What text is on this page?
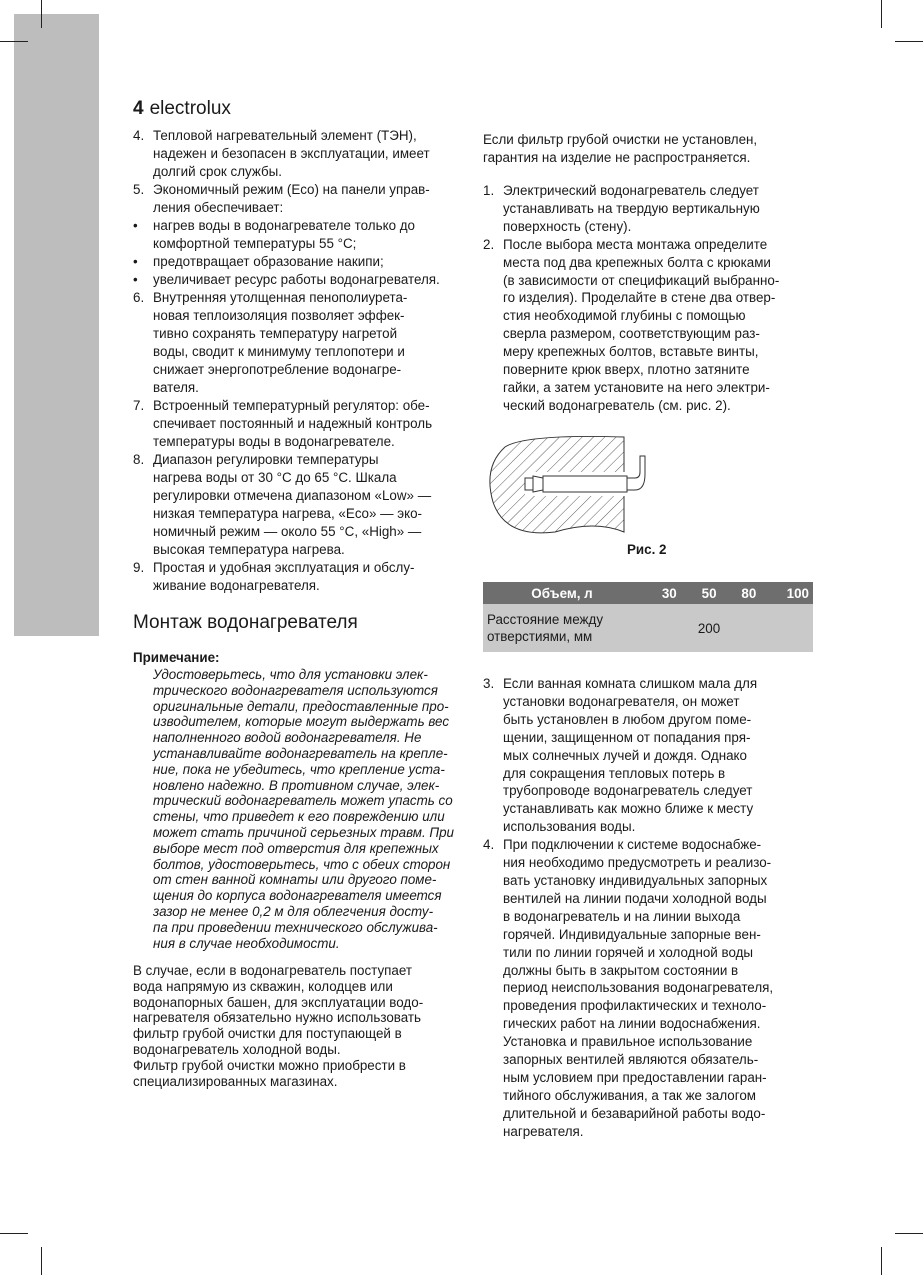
4 electrolux
4. Тепловой нагревательный элемент (ТЭН),
надежен и безопасен в эксплуатации, имеет
долгий срок службы.
5. Экономичный режим (Eco) на панели управ-
ления обеспечивает:
• нагрев воды в водонагревателе только до
комфортной температуры 55 °С;
• предотвращает образование накипи;
• увеличивает ресурс работы водонагревателя.
6. Внутренняя утолщенная пенополиурета-
новая теплоизоляция позволяет эффек-
тивно сохранять температуру нагретой
воды, сводит к минимуму теплопотери и
снижает энергопотребление водонагре-
вателя.
7. Встроенный температурный регулятор: обе-
спечивает постоянный и надежный контроль
температуры воды в водонагревателе.
8. Диапазон регулировки температуры
нагрева воды от 30 °С до 65 °С. Шкала
регулировки отмечена диапазоном «Low» —
низкая температура нагрева, «Eco» — эко-
номичный режим — около 55 °С, «High» —
высокая температура нагрева.
9. Простая и удобная эксплуатация и обслу-
живание водонагревателя.
Монтаж водонагревателя
Примечание:
Удостоверьтесь, что для установки элек-
трического водонагревателя используются
оригинальные детали, предоставленные про-
изводителем, которые могут выдержать вес
наполненного водой водонагревателя. Не
устанавливайте водонагреватель на крепле-
ние, пока не убедитесь, что крепление уста-
новлено надежно. В противном случае, элек-
трический водонагреватель может упасть со
стены, что приведет к его повреждению или
может стать причиной серьезных травм. При
выборе мест под отверстия для крепежных
болтов, удостоверьтесь, что с обеих сторон
от стен ванной комнаты или другого поме-
щения до корпуса водонагревателя имеется
зазор не менее 0,2 м для облегчения досту-
па при проведении технического обслужива-
ния в случае необходимости.
В случае, если в водонагреватель поступает
вода напрямую из скважин, колодцев или
водонапорных башен, для эксплуатации водо-
нагревателя обязательно нужно использовать
фильтр грубой очистки для поступающей в
водонагреватель холодной воды.
Фильтр грубой очистки можно приобрести в
специализированных магазинах.
Если фильтр грубой очистки не установлен,
гарантия на изделие не распространяется.
1. Электрический водонагреватель следует
устанавливать на твердую вертикальную
поверхность (стену).
2. После выбора места монтажа определите
места под два крепежных болта с крюками
(в зависимости от спецификаций выбранно-
го изделия). Проделайте в стене два отвер-
стия необходимой глубины с помощью
сверла размером, соответствующим раз-
меру крепежных болтов, вставьте винты,
поверните крюк вверх, плотно затяните
гайки, а затем установите на него электри-
ческий водонагреватель (см. рис. 2).
Рис. 2
Объем, л	30	50	80	100
Расстояние между
отверстиями, мм	200			
3. Если ванная комната слишком мала для
установки водонагревателя, он может
быть установлен в любом другом поме-
щении, защищенном от попадания пря-
мых солнечных лучей и дождя. Однако
для сокращения тепловых потерь в
трубопроводе водонагреватель следует
устанавливать как можно ближе к месту
использования воды.
4. При подключении к системе водоснабже-
ния необходимо предусмотреть и реализо-
вать установку индивидуальных запорных
вентилей на линии подачи холодной воды
в водонагреватель и на линии выхода
горячей. Индивидуальные запорные вен-
тили по линии горячей и холодной воды
должны быть в закрытом состоянии в
период неиспользования водонагревателя,
проведения профилактических и техноло-
гических работ на линии водоснабжения.
Установка и правильное использование
запорных вентилей являются обязатель-
ным условием при предоставлении гаран-
тийного обслуживания, а так же залогом
длительной и безаварийной работы водо-
нагревателя.
